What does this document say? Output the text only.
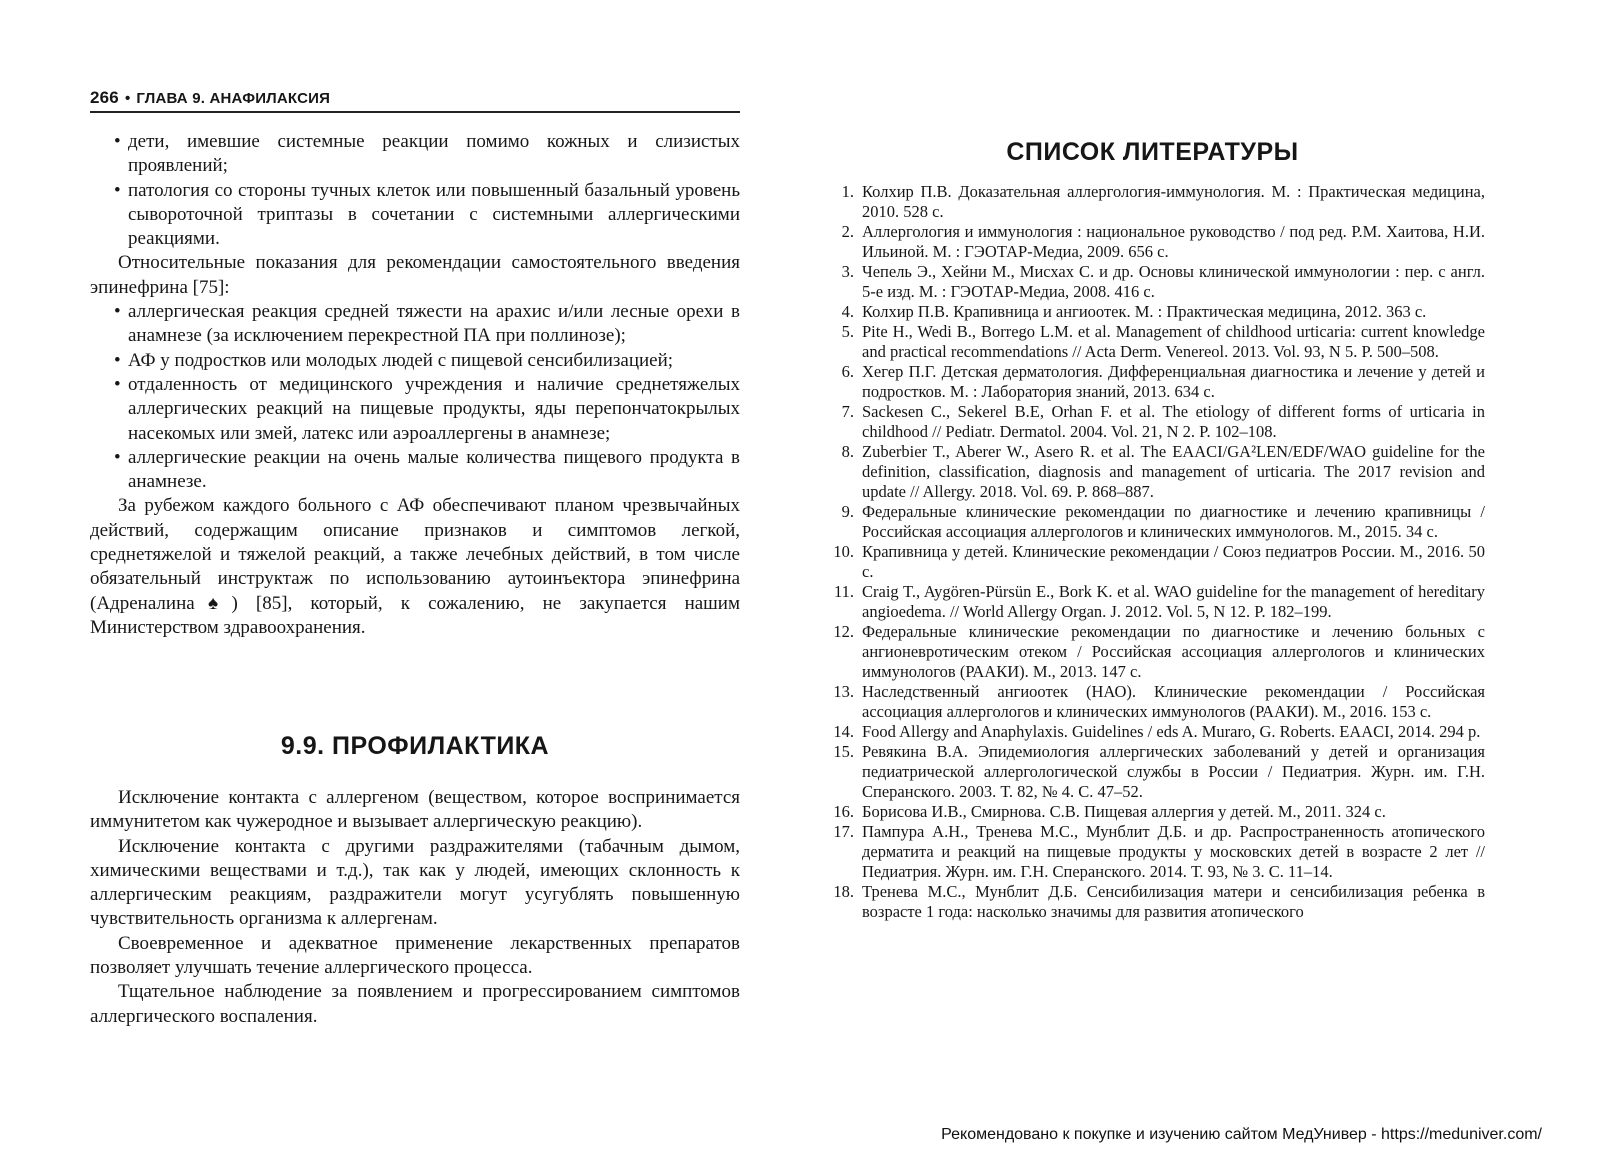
266 • ГЛАВА 9. АНАФИЛАКСИЯ
• дети, имевшие системные реакции помимо кожных и слизистых проявлений;
• патология со стороны тучных клеток или повышенный базальный уровень сывороточной триптазы в сочетании с системными аллергическими реакциями.

Относительные показания для рекомендации самостоятельного введения эпинефрина [75]:

• аллергическая реакция средней тяжести на арахис и/или лесные орехи в анамнезе (за исключением перекрестной ПА при поллинозе);
• АФ у подростков или молодых людей с пищевой сенсибилизацией;
• отдаленность от медицинского учреждения и наличие среднетяжелых аллергических реакций на пищевые продукты, яды перепончатокрылых насекомых или змей, латекс или аэроаллергены в анамнезе;
• аллергические реакции на очень малые количества пищевого продукта в анамнезе.

За рубежом каждого больного с АФ обеспечивают планом чрезвычайных действий, содержащим описание признаков и симптомов легкой, среднетяжелой и тяжелой реакций, а также лечебных действий, в том числе обязательный инструктаж по использованию аутоинъектора эпинефрина (Адреналина♠) [85], который, к сожалению, не закупается нашим Министерством здравоохранения.

9.9. ПРОФИЛАКТИКА

Исключение контакта с аллергеном (веществом, которое воспринимается иммунитетом как чужеродное и вызывает аллергическую реакцию).

Исключение контакта с другими раздражителями (табачным дымом, химическими веществами и т.д.), так как у людей, имеющих склонность к аллергическим реакциям, раздражители могут усугублять повышенную чувствительность организма к аллергенам.

Своевременное и адекватное применение лекарственных препаратов позволяет улучшать течение аллергического процесса.

Тщательное наблюдение за появлением и прогрессированием симптомов аллергического воспаления.

СПИСОК ЛИТЕРАТУРЫ
1. Колхир П.В. Доказательная аллергология-иммунология. М. : Практическая медицина, 2010. 528 с.
2. Аллергология и иммунология : национальное руководство / под ред. Р.М. Хаитова, Н.И. Ильиной. М. : ГЭОТАР-Медиа, 2009. 656 с.
3. Чепель Э., Хейни М., Мисхах С. и др. Основы клинической иммунологии : пер. с англ. 5-е изд. М. : ГЭОТАР-Медиа, 2008. 416 с.
4. Колхир П.В. Крапивница и ангиоотек. М. : Практическая медицина, 2012. 363 с.
5. Pite H., Wedi B., Borrego L.M. et al. Management of childhood urticaria: current knowledge and practical recommendations // Acta Derm. Venereol. 2013. Vol. 93, N 5. P. 500–508.
6. Хегер П.Г. Детская дерматология. Дифференциальная диагностика и лечение у детей и подростков. М. : Лаборатория знаний, 2013. 634 с.
7. Sackesen C., Sekerel B.E, Orhan F. et al. The etiology of different forms of urticaria in childhood // Pediatr. Dermatol. 2004. Vol. 21, N 2. P. 102–108.
8. Zuberbier T., Aberer W., Asero R. et al. The EAACI/GA²LEN/EDF/WAO guideline for the definition, classification, diagnosis and management of urticaria. The 2017 revision and update // Allergy. 2018. Vol. 69. P. 868–887.
9. Федеральные клинические рекомендации по диагностике и лечению крапивницы / Российская ассоциация аллергологов и клинических иммунологов. М., 2015. 34 с.
10. Крапивница у детей. Клинические рекомендации / Союз педиатров России. М., 2016. 50 с.
11. Craig T., Aygören-Pürsün E., Bork K. et al. WAO guideline for the management of hereditary angioedema. // World Allergy Organ. J. 2012. Vol. 5, N 12. P. 182–199.
12. Федеральные клинические рекомендации по диагностике и лечению больных с ангионевротическим отеком / Российская ассоциация аллергологов и клинических иммунологов (РААКИ). М., 2013. 147 с.
13. Наследственный ангиоотек (НАО). Клинические рекомендации / Российская ассоциация аллергологов и клинических иммунологов (РААКИ). М., 2016. 153 с.
14. Food Allergy and Anaphylaxis. Guidelines / eds A. Muraro, G. Roberts. EAACI, 2014. 294 p.
15. Ревякина В.А. Эпидемиология аллергических заболеваний у детей и организация педиатрической аллергологической службы в России / Педиатрия. Журн. им. Г.Н. Сперанского. 2003. Т. 82, № 4. С. 47–52.
16. Борисова И.В., Смирнова. С.В. Пищевая аллергия у детей. М., 2011. 324 с.
17. Пампура А.Н., Тренева М.С., Мунблит Д.Б. и др. Распространенность атопического дерматита и реакций на пищевые продукты у московских детей в возрасте 2 лет // Педиатрия. Журн. им. Г.Н. Сперанского. 2014. Т. 93, № 3. С. 11–14.
18. Тренева М.С., Мунблит Д.Б. Сенсибилизация матери и сенсибилизация ребенка в возрасте 1 года: насколько значимы для развития атопического
Рекомендовано к покупке и изучению сайтом МедУнивер - https://meduniver.com/
